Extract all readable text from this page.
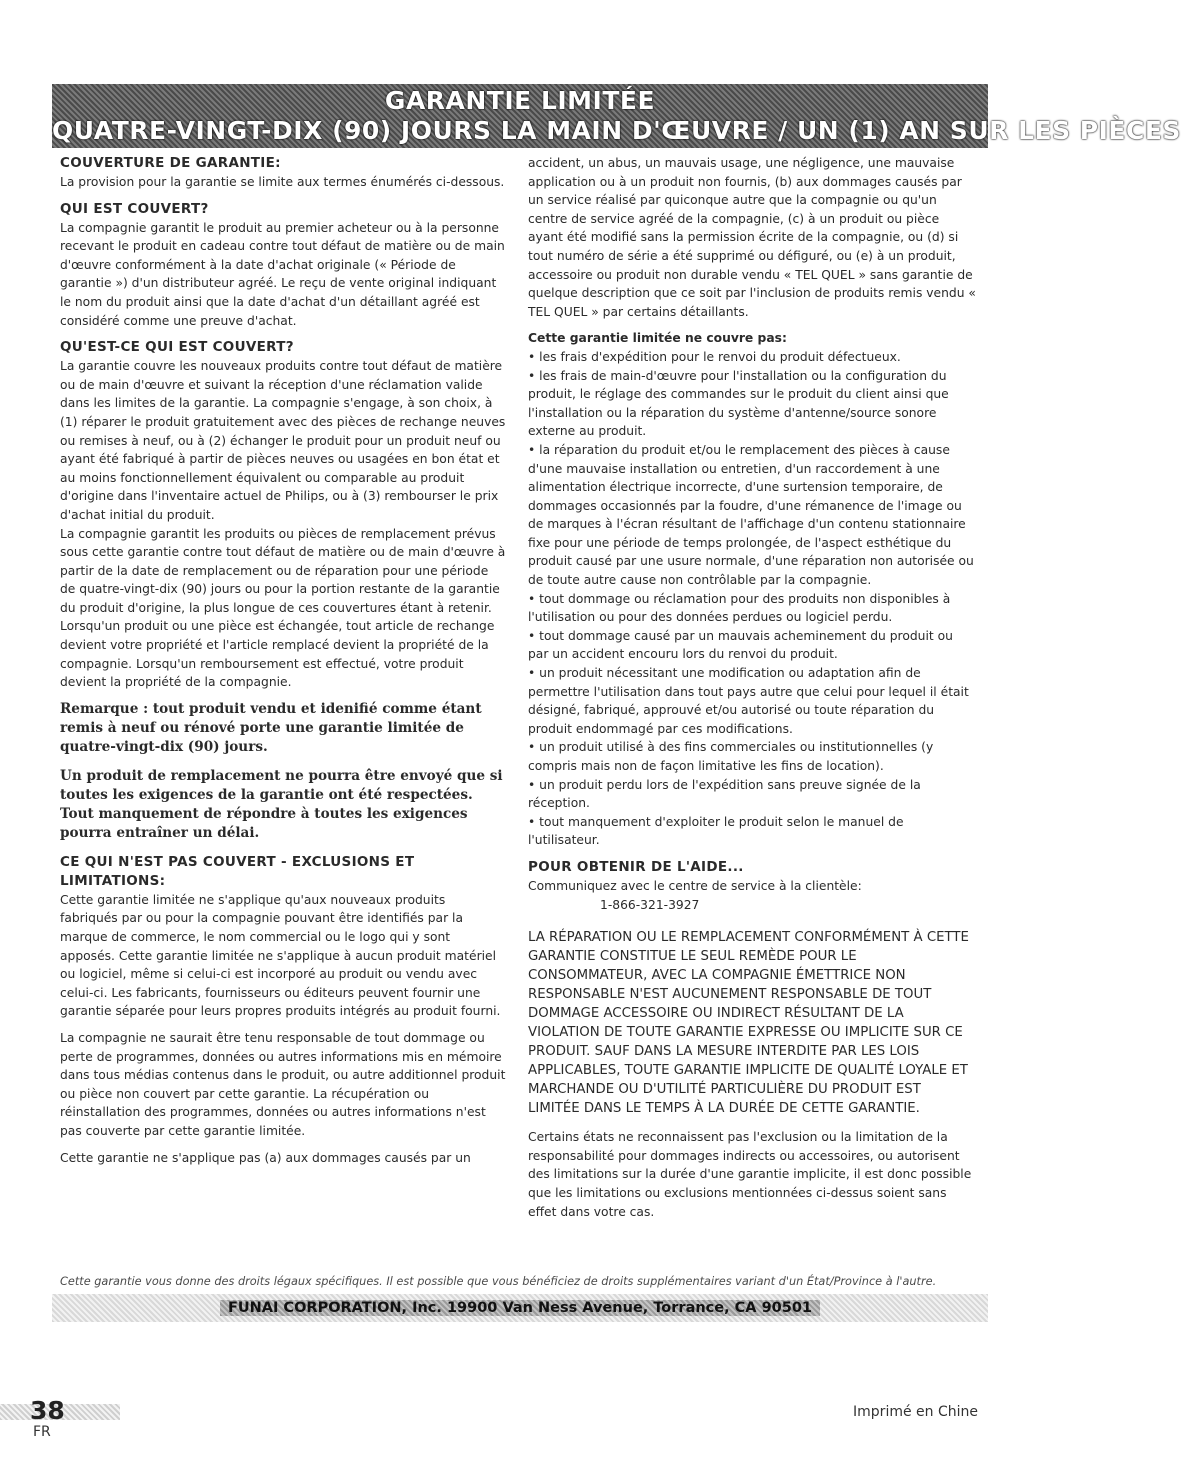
GARANTIE LIMITÉE
QUATRE-VINGT-DIX (90) JOURS LA MAIN D'ŒUVRE / UN (1) AN SUR LES PIÈCES
COUVERTURE DE GARANTIE:

La provision pour la garantie se limite aux termes énumérés ci-dessous.

QUI EST COUVERT?

La compagnie garantit le produit au premier acheteur ou à la personne recevant le produit en cadeau contre tout défaut de matière ou de main d'œuvre conformément à la date d'achat originale (« Période de garantie ») d'un distributeur agréé. Le reçu de vente original indiquant le nom du produit ainsi que la date d'achat d'un détaillant agréé est considéré comme une preuve d'achat.

QU'EST-CE QUI EST COUVERT?

La garantie couvre les nouveaux produits contre tout défaut de matière ou de main d'œuvre et suivant la réception d'une réclamation valide dans les limites de la garantie. La compagnie s'engage, à son choix, à (1) réparer le produit gratuitement avec des pièces de rechange neuves ou remises à neuf, ou à (2) échanger le produit pour un produit neuf ou ayant été fabriqué à partir de pièces neuves ou usagées en bon état et au moins fonctionnellement équivalent ou comparable au produit d'origine dans l'inventaire actuel de Philips, ou à (3) rembourser le prix d'achat initial du produit.

La compagnie garantit les produits ou pièces de remplacement prévus sous cette garantie contre tout défaut de matière ou de main d'œuvre à partir de la date de remplacement ou de réparation pour une période de quatre-vingt-dix (90) jours ou pour la portion restante de la garantie du produit d'origine, la plus longue de ces couvertures étant à retenir. Lorsqu'un produit ou une pièce est échangée, tout article de rechange devient votre propriété et l'article remplacé devient la propriété de la compagnie. Lorsqu'un remboursement est effectué, votre produit devient la propriété de la compagnie.

Remarque : tout produit vendu et idenifié comme étant remis à neuf ou rénové porte une garantie limitée de quatre-vingt-dix (90) jours.

Un produit de remplacement ne pourra être envoyé que si toutes les exigences de la garantie ont été respectées. Tout manquement de répondre à toutes les exigences pourra entraîner un délai.

CE QUI N'EST PAS COUVERT - EXCLUSIONS ET LIMITATIONS:

Cette garantie limitée ne s'applique qu'aux nouveaux produits fabriqués par ou pour la compagnie pouvant être identifiés par la marque de commerce, le nom commercial ou le logo qui y sont apposés. Cette garantie limitée ne s'applique à aucun produit matériel ou logiciel, même si celui-ci est incorporé au produit ou vendu avec celui-ci. Les fabricants, fournisseurs ou éditeurs peuvent fournir une garantie séparée pour leurs propres produits intégrés au produit fourni.

La compagnie ne saurait être tenu responsable de tout dommage ou perte de programmes, données ou autres informations mis en mémoire dans tous médias contenus dans le produit, ou autre additionnel produit ou pièce non couvert par cette garantie. La récupération ou réinstallation des programmes, données ou autres informations n'est pas couverte par cette garantie limitée.

Cette garantie ne s'applique pas (a) aux dommages causés par un

accident, un abus, un mauvais usage, une négligence, une mauvaise application ou à un produit non fournis, (b) aux dommages causés par un service réalisé par quiconque autre que la compagnie ou qu'un centre de service agréé de la compagnie, (c) à un produit ou pièce ayant été modifié sans la permission écrite de la compagnie, ou (d) si tout numéro de série a été supprimé ou défiguré, ou (e) à un produit, accessoire ou produit non durable vendu « TEL QUEL » sans garantie de quelque description que ce soit par l'inclusion de produits remis vendu « TEL QUEL » par certains détaillants.

Cette garantie limitée ne couvre pas:

• les frais d'expédition pour le renvoi du produit défectueux.
• les frais de main-d'œuvre pour l'installation ou la configuration du produit, le réglage des commandes sur le produit du client ainsi que l'installation ou la réparation du système d'antenne/source sonore externe au produit.
• la réparation du produit et/ou le remplacement des pièces à cause d'une mauvaise installation ou entretien, d'un raccordement à une alimentation électrique incorrecte, d'une surtension temporaire, de dommages occasionnés par la foudre, d'une rémanence de l'image ou de marques à l'écran résultant de l'affichage d'un contenu stationnaire fixe pour une période de temps prolongée, de l'aspect esthétique du produit causé par une usure normale, d'une réparation non autorisée ou de toute autre cause non contrôlable par la compagnie.
• tout dommage ou réclamation pour des produits non disponibles à l'utilisation ou pour des données perdues ou logiciel perdu.
• tout dommage causé par un mauvais acheminement du produit ou par un accident encouru lors du renvoi du produit.
• un produit nécessitant une modification ou adaptation afin de permettre l'utilisation dans tout pays autre que celui pour lequel il était désigné, fabriqué, approuvé et/ou autorisé ou toute réparation du produit endommagé par ces modifications.
• un produit utilisé à des fins commerciales ou institutionnelles (y compris mais non de façon limitative les fins de location).
• un produit perdu lors de l'expédition sans preuve signée de la réception.
• tout manquement d'exploiter le produit selon le manuel de l'utilisateur.
POUR OBTENIR DE L'AIDE...

Communiquez avec le centre de service à la clientèle:

1-866-321-3927

LA RÉPARATION OU LE REMPLACEMENT CONFORMÉMENT À CETTE GARANTIE CONSTITUE LE SEUL REMÈDE POUR LE CONSOMMATEUR, AVEC LA COMPAGNIE ÉMETTRICE NON RESPONSABLE N'EST AUCUNEMENT RESPONSABLE DE TOUT DOMMAGE ACCESSOIRE OU INDIRECT RÉSULTANT DE LA VIOLATION DE TOUTE GARANTIE EXPRESSE OU IMPLICITE SUR CE PRODUIT. SAUF DANS LA MESURE INTERDITE PAR LES LOIS APPLICABLES, TOUTE GARANTIE IMPLICITE DE QUALITÉ LOYALE ET MARCHANDE OU D'UTILITÉ PARTICULIÈRE DU PRODUIT EST LIMITÉE DANS LE TEMPS À LA DURÉE DE CETTE GARANTIE.

Certains états ne reconnaissent pas l'exclusion ou la limitation de la responsabilité pour dommages indirects ou accessoires, ou autorisent des limitations sur la durée d'une garantie implicite, il est donc possible que les limitations ou exclusions mentionnées ci-dessus soient sans effet dans votre cas.

Cette garantie vous donne des droits légaux spécifiques. Il est possible que vous bénéficiez de droits supplémentaires variant d'un État/Province à l'autre.
FUNAI CORPORATION, Inc. 19900 Van Ness Avenue, Torrance, CA 90501
38
FR
Imprimé en Chine
